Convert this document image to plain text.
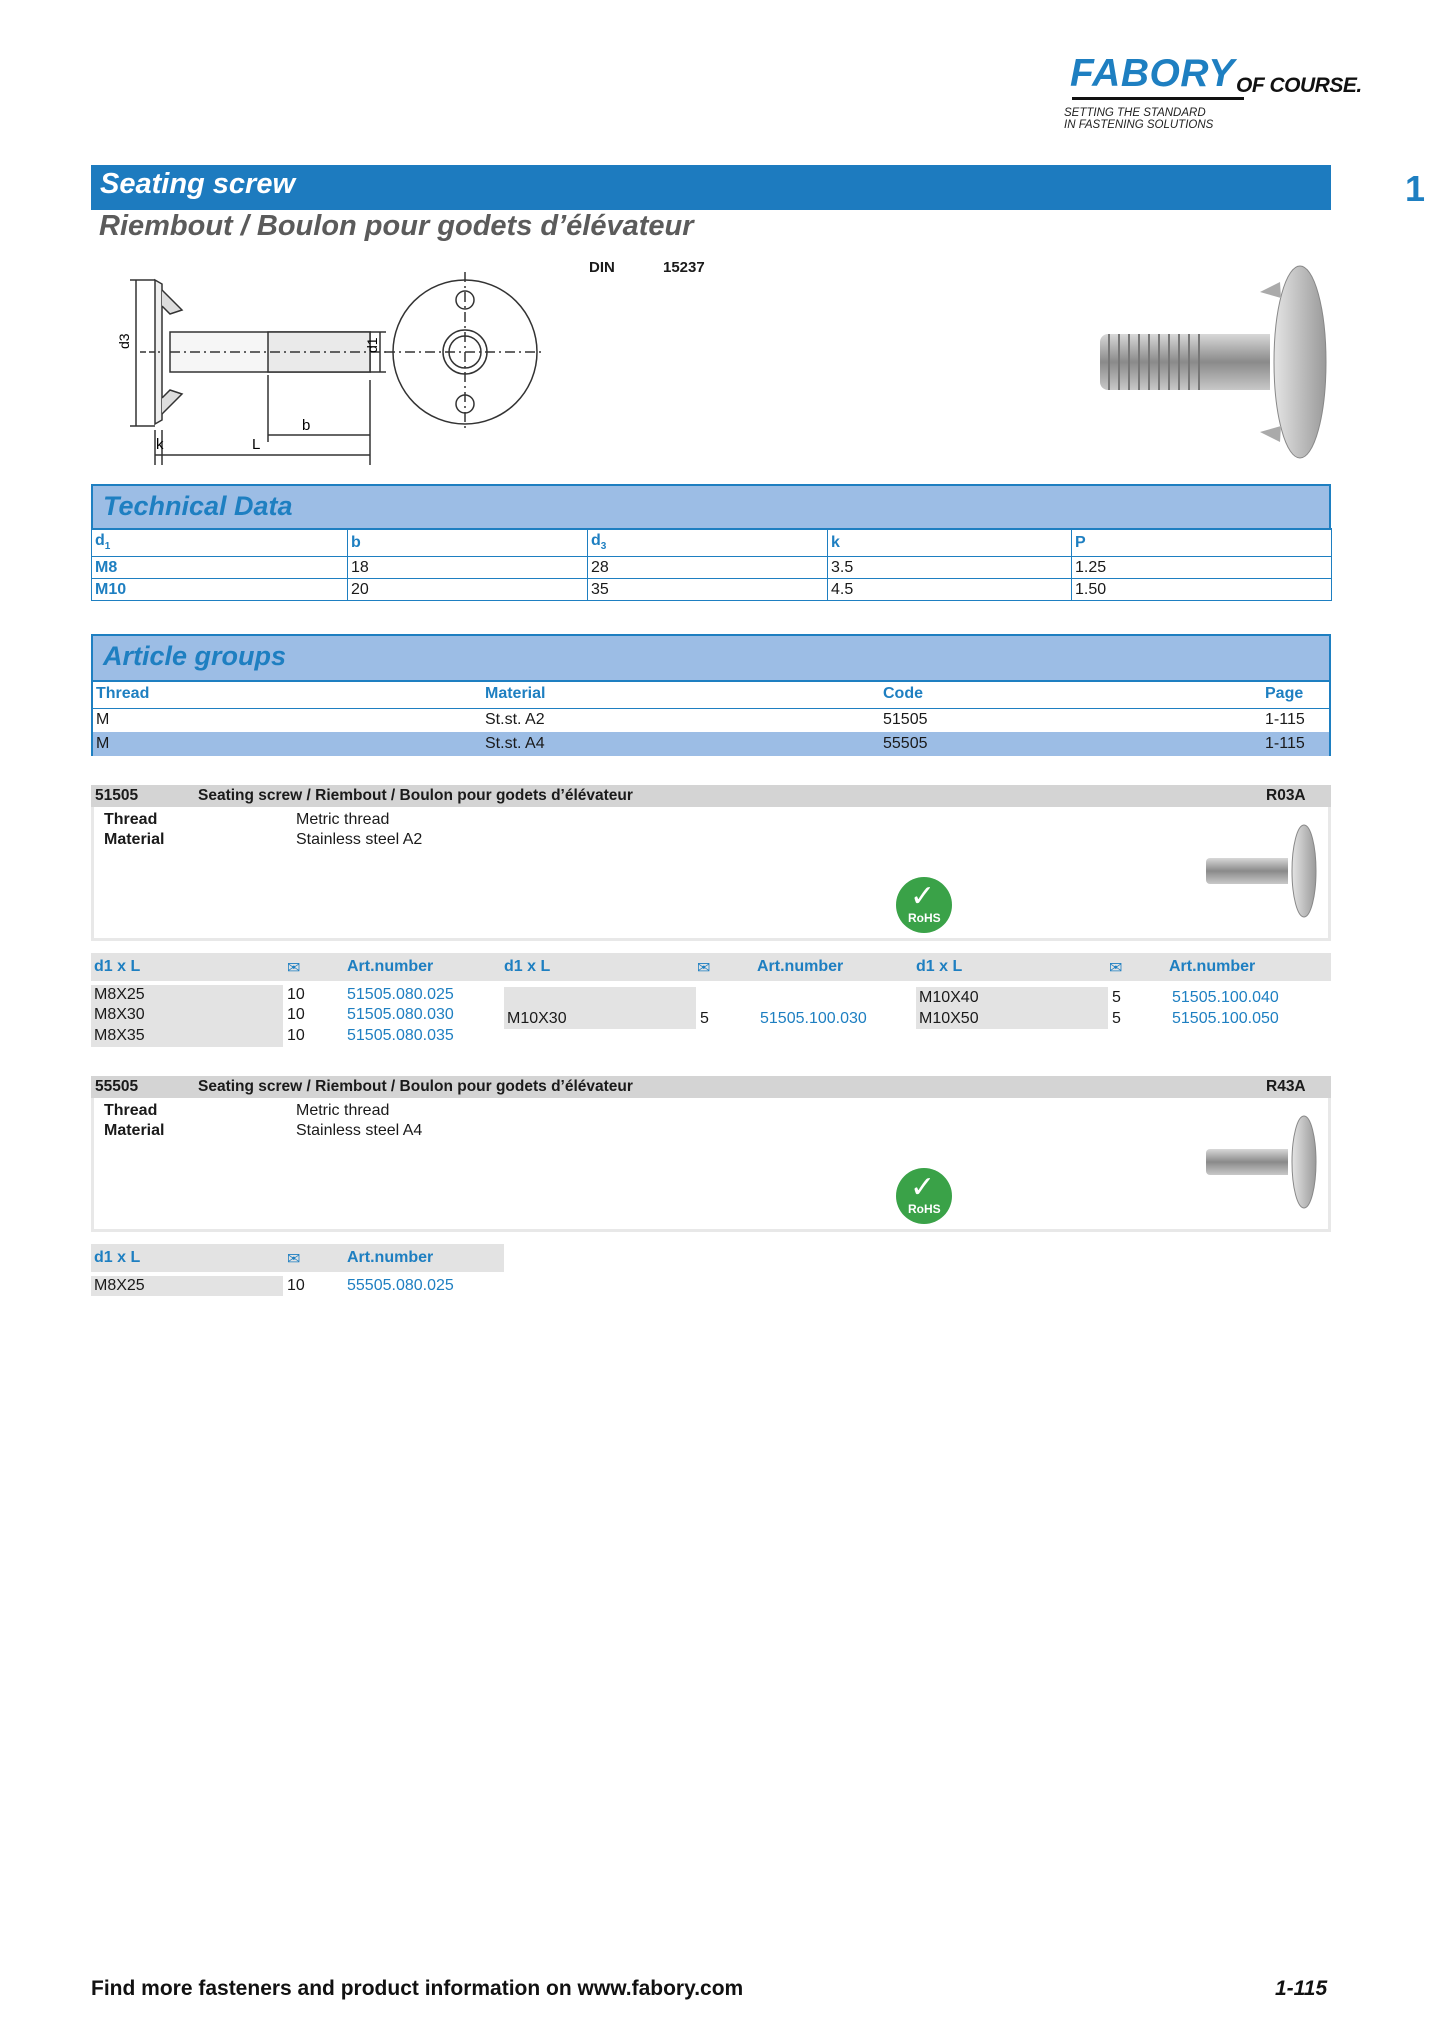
FABORY OF COURSE.
SETTING THE STANDARD
IN FASTENING SOLUTIONS
1
Seating screw
Riembout / Boulon pour godets d’élévateur
DIN	15237
d3	d1
k	L
b
Technical Data
$d_1$	b	$d_3$	k	P
M8	18	28	3.5	1.25
M10	20	35	4.5	1.50
Article groups
Thread	Material	Code	Page
M	St.st. A2	51505	1-115
M	St.st. A4	55505	1-115
51505	Seating screw / Riembout / Boulon pour godets d’élévateur	R03A
Thread	Metric thread
Material	Stainless steel A2
✓
RoHS
d1 x L	✉	Art.number	d1 x L	✉	Art.number	d1 x L	✉	Art.number
M8X25	10	51505.080.025
M8X30	10	51505.080.030
M8X35	10	51505.080.035
M10X30	5	51505.100.030
M10X40	5	51505.100.040
M10X50	5	51505.100.050
55505	Seating screw / Riembout / Boulon pour godets d’élévateur	R43A
Thread	Metric thread
Material	Stainless steel A4
✓
RoHS
d1 x L	✉	Art.number
M8X25	10	55505.080.025
Find more fasteners and product information on www.fabory.com	1-115
